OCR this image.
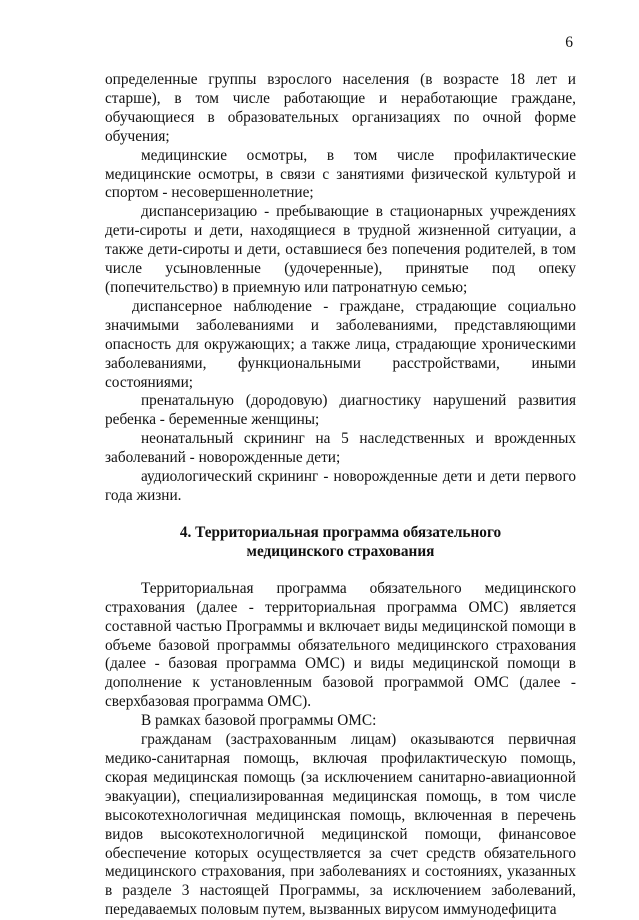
6

определенные группы взрослого населения (в возрасте 18 лет и старше), в том числе работающие и неработающие граждане, обучающиеся в образовательных организациях по очной форме обучения;

медицинские осмотры, в том числе профилактические медицинские осмотры, в связи с занятиями физической культурой и спортом - несовершеннолетние;

диспансеризацию - пребывающие в стационарных учреждениях дети-сироты и дети, находящиеся в трудной жизненной ситуации, а также дети-сироты и дети, оставшиеся без попечения родителей, в том числе усыновленные (удочеренные), принятые под опеку (попечительство) в приемную или патронатную семью;

диспансерное наблюдение - граждане, страдающие социально значимыми заболеваниями и заболеваниями, представляющими опасность для окружающих; а также лица, страдающие хроническими заболеваниями, функциональными расстройствами, иными состояниями;

пренатальную (дородовую) диагностику нарушений развития ребенка - беременные женщины;

неонатальный скрининг на 5 наследственных и врожденных заболеваний - новорожденные дети;

аудиологический скрининг - новорожденные дети и дети первого года жизни.

4. Территориальная программа обязательного
медицинского страхования

Территориальная программа обязательного медицинского страхования (далее - территориальная программа ОМС) является составной частью Программы и включает виды медицинской помощи в объеме базовой программы обязательного медицинского страхования (далее - базовая программа ОМС) и виды медицинской помощи в дополнение к установленным базовой программой ОМС (далее - сверхбазовая программа ОМС).

В рамках базовой программы ОМС:

гражданам (застрахованным лицам) оказываются первичная медико-санитарная помощь, включая профилактическую помощь, скорая медицинская помощь (за исключением санитарно-авиационной эвакуации), специализированная медицинская помощь, в том числе высокотехнологичная медицинская помощь, включенная в перечень видов высокотехнологичной медицинской помощи, финансовое обеспечение которых осуществляется за счет средств обязательного медицинского страхования, при заболеваниях и состояниях, указанных в разделе 3 настоящей Программы, за исключением заболеваний, передаваемых половым путем, вызванных вирусом иммунодефицита
